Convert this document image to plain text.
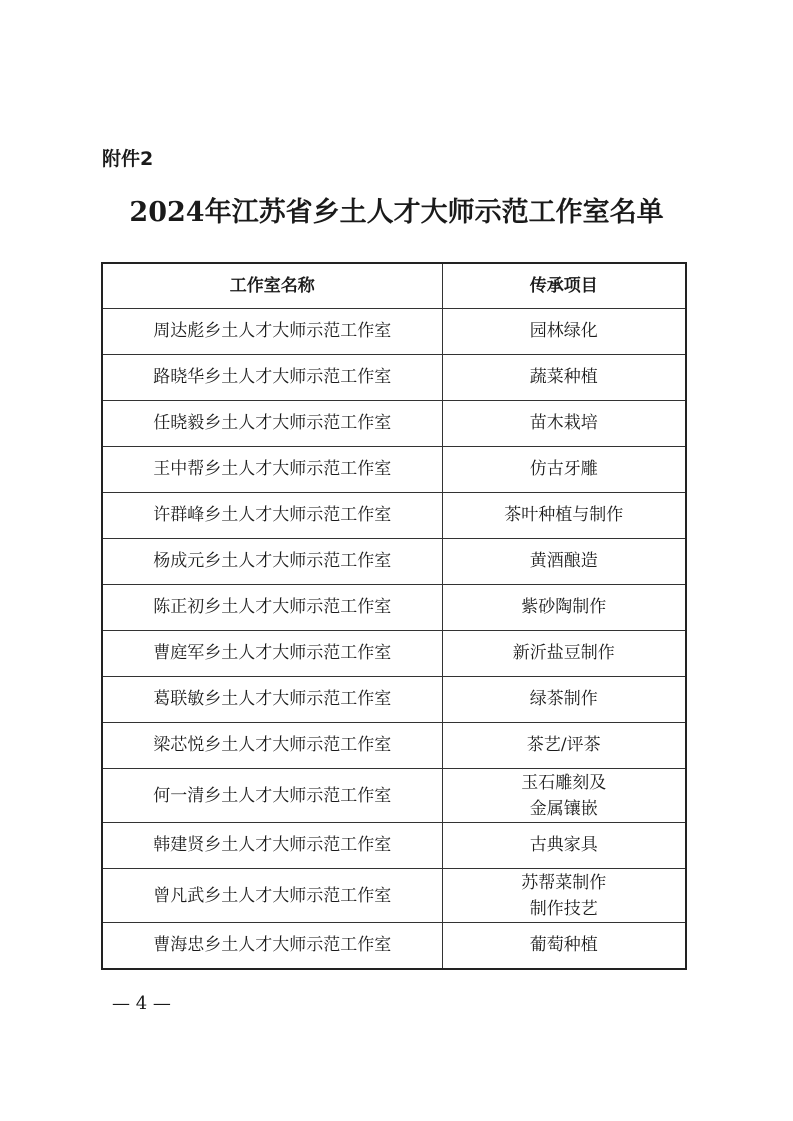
附件2
2024年江苏省乡土人才大师示范工作室名单
工作室名称	传承项目
周达彪乡土人才大师示范工作室	园林绿化

路晓华乡土人才大师示范工作室	蔬菜种植

任晓毅乡土人才大师示范工作室	苗木栽培

王中帮乡土人才大师示范工作室	仿古牙雕

许群峰乡土人才大师示范工作室	茶叶种植与制作

杨成元乡土人才大师示范工作室	黄酒酿造

陈正初乡土人才大师示范工作室	紫砂陶制作

曹庭军乡土人才大师示范工作室	新沂盐豆制作

葛联敏乡土人才大师示范工作室	绿茶制作

梁芯悦乡土人才大师示范工作室	茶艺/评茶

何一清乡土人才大师示范工作室	玉石雕刻及
金属镶嵌

韩建贤乡土人才大师示范工作室	古典家具

曾凡武乡土人才大师示范工作室	苏帮菜制作
制作技艺

曹海忠乡土人才大师示范工作室	葡萄种植
— 4 —
